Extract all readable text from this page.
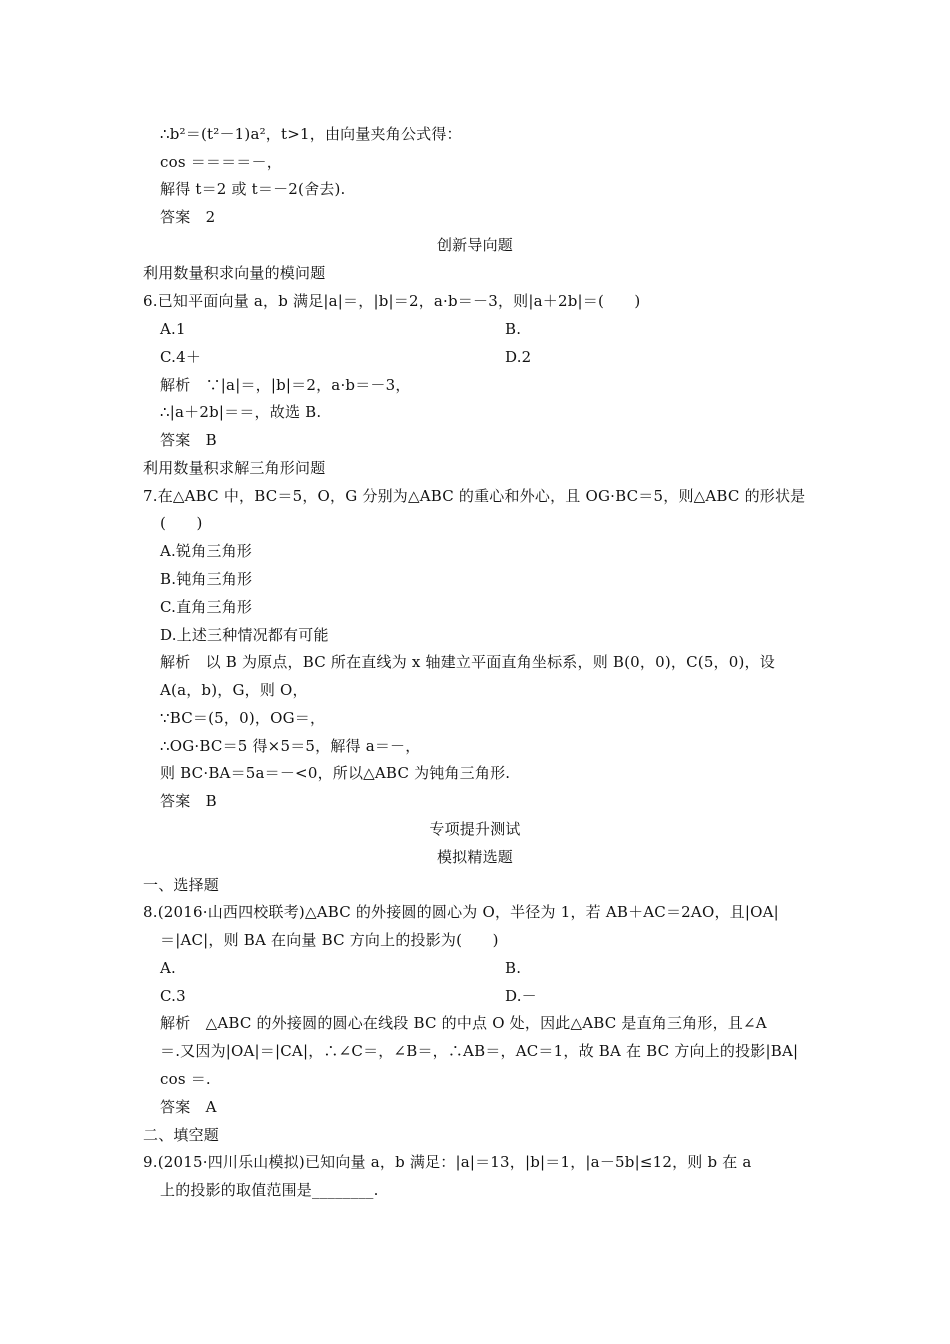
∴b²＝(t²－1)a²，t>1，由向量夹角公式得：
cos ＝＝＝＝－，
解得 t＝2 或 t＝－2(舍去).
答案　2
创新导向题
利用数量积求向量的模问题
6.已知平面向量 a，b 满足|a|＝，|b|＝2，a·b＝－3，则|a＋2b|＝(　　)
A.1	B.
C.4＋	D.2
解析　∵|a|＝，|b|＝2，a·b＝－3，
∴|a＋2b|＝＝，故选 B.
答案　B
利用数量积求解三角形问题
7.在△ABC 中，BC＝5，O，G 分别为△ABC 的重心和外心，且 OG·BC＝5，则△ABC 的形状是
(　　)
A.锐角三角形
B.钝角三角形
C.直角三角形
D.上述三种情况都有可能
解析　以 B 为原点，BC 所在直线为 x 轴建立平面直角坐标系，则 B(0，0)，C(5，0)，设
A(a，b)，G，则 O，
∵BC＝(5，0)，OG＝，
∴OG·BC＝5 得×5＝5，解得 a＝－，
则 BC·BA＝5a＝－<0，所以△ABC 为钝角三角形.
答案　B
专项提升测试
模拟精选题
一、选择题
8.(2016·山西四校联考)△ABC 的外接圆的圆心为 O，半径为 1，若 AB＋AC＝2AO，且|OA|
＝|AC|，则 BA 在向量 BC 方向上的投影为(　　)
A.	B.
C.3	D.－
解析　△ABC 的外接圆的圆心在线段 BC 的中点 O 处，因此△ABC 是直角三角形，且∠A
＝.又因为|OA|＝|CA|，∴∠C＝，∠B＝，∴AB＝，AC＝1，故 BA 在 BC 方向上的投影|BA|
cos ＝.
答案　A
二、填空题
9.(2015·四川乐山模拟)已知向量 a，b 满足：|a|＝13，|b|＝1，|a－5b|≤12，则 b 在 a
上的投影的取值范围是________.
